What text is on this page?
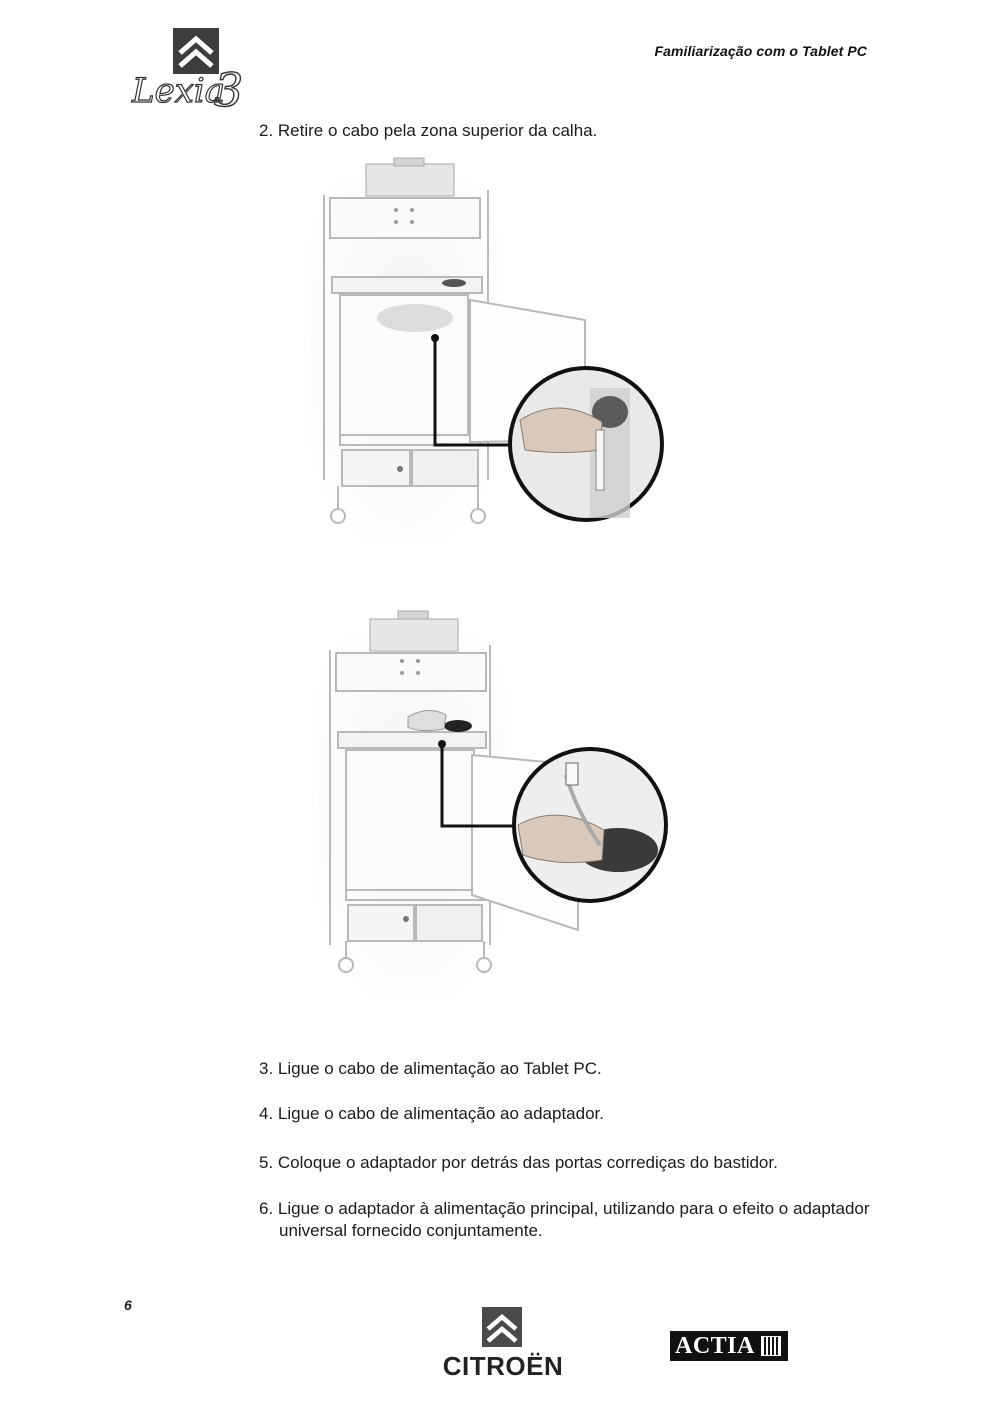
Lexia
3
Familiarização com o Tablet PC
2. Retire o cabo pela zona superior da calha.
3. Ligue o cabo de alimentação ao Tablet PC.
4. Ligue o cabo de alimentação ao adaptador.
5. Coloque o adaptador por detrás das portas corrediças do bastidor.
6. Ligue o adaptador à alimentação principal, utilizando para o efeito o adaptador
universal fornecido conjuntamente.
6
CITROËN
ACTIA
